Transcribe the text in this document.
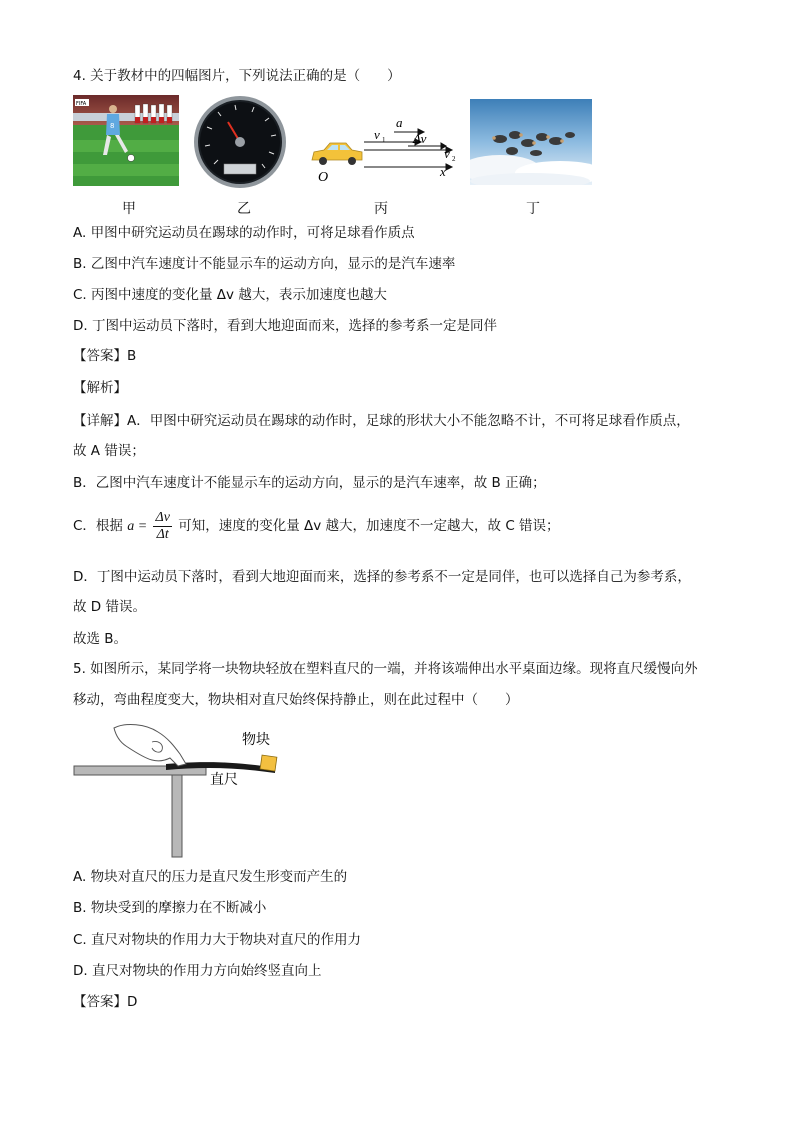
4. 关于教材中的四幅图片，下列说法正确的是（　　）
FIFA
8	a
v 1 Δv
v 2
O	x
甲	乙	丙	丁
A. 甲图中研究运动员在踢球的动作时，可将足球看作质点
B. 乙图中汽车速度计不能显示车的运动方向，显示的是汽车速率
C. 丙图中速度的变化量 Δv 越大，表示加速度也越大
D. 丁图中运动员下落时，看到大地迎面而来，选择的参考系一定是同伴
【答案】B
【解析】
【详解】A．甲图中研究运动员在踢球的动作时，足球的形状大小不能忽略不计，不可将足球看作质点，
故 A 错误；
B．乙图中汽车速度计不能显示车的运动方向，显示的是汽车速率，故 B 正确；
C．根据 $a = \frac{\Delta v}{\Delta t}$ 可知，速度的变化量 Δv 越大，加速度不一定越大，故 C 错误；
D．丁图中运动员下落时，看到大地迎面而来，选择的参考系不一定是同伴，也可以选择自己为参考系，
故 D 错误。
故选 B。
5. 如图所示，某同学将一块物块轻放在塑料直尺的一端，并将该端伸出水平桌面边缘。现将直尺缓慢向外
移动，弯曲程度变大，物块相对直尺始终保持静止，则在此过程中（　　）
物块
直尺
A. 物块对直尺的压力是直尺发生形变而产生的
B. 物块受到的摩擦力在不断减小
C. 直尺对物块的作用力大于物块对直尺的作用力
D. 直尺对物块的作用力方向始终竖直向上
【答案】D
